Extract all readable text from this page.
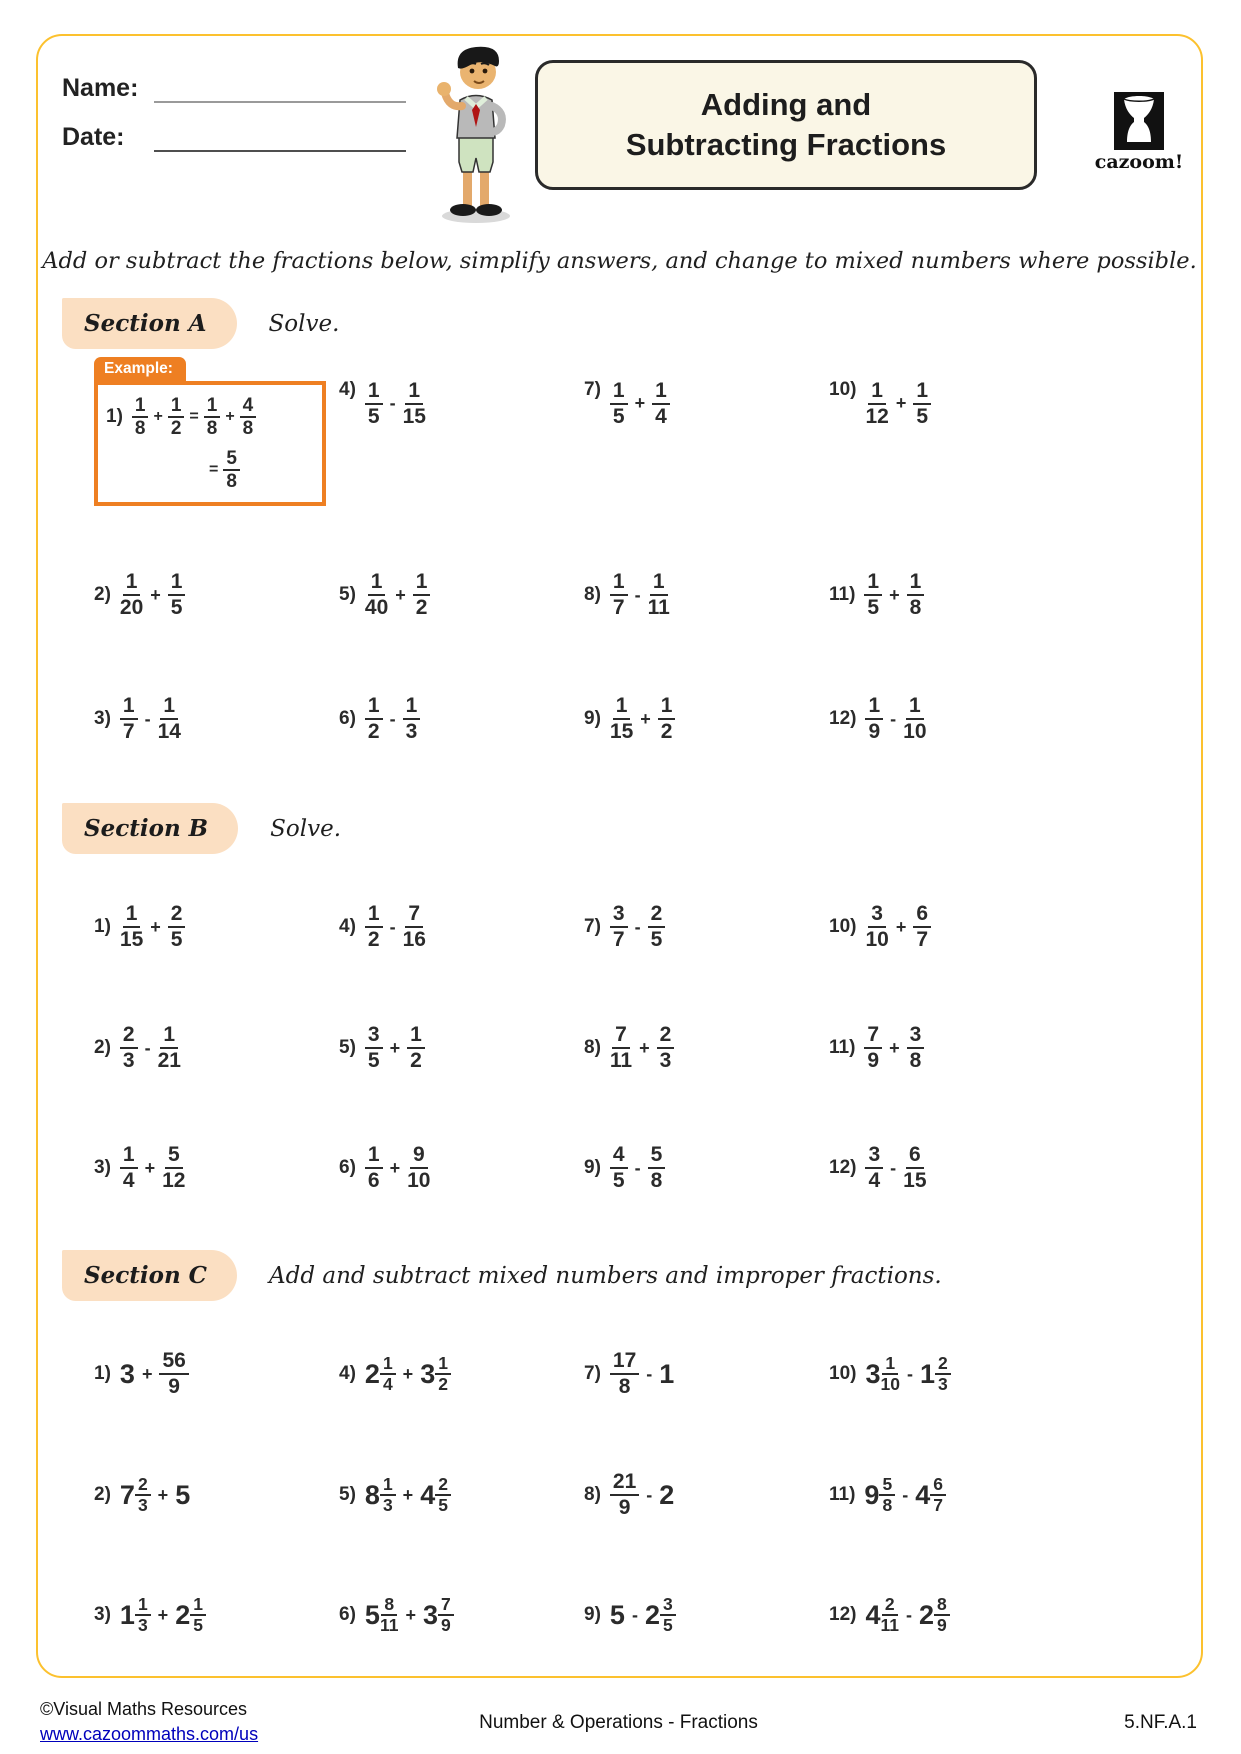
Name:
Date:
Adding and
Subtracting Fractions	cazoom!

Add or subtract the fractions below, simplify answers, and change to mixed numbers where possible.

Section A	Solve.
Example:
$1) \frac{1}{8} + \frac{1}{2} = \frac{1}{8} + \frac{4}{8}$
= $\frac{5}{8}$
$2) \frac{1}{20} + \frac{1}{5}$
$3) \frac{1}{7} - \frac{1}{14}$
$4) \frac{1}{5} - \frac{1}{15}$
$5) \frac{1}{40} + \frac{1}{2}$
$6) \frac{1}{2} - \frac{1}{3}$
$7) \frac{1}{5} + \frac{1}{4}$
$8) \frac{1}{7} - \frac{1}{11}$
$9) \frac{1}{15} + \frac{1}{2}$
$10) \frac{1}{12} + \frac{1}{5}$
$11) \frac{1}{5} + \frac{1}{8}$
$12) \frac{1}{9} - \frac{1}{10}$
Section B	Solve.
$1) \frac{1}{15} + \frac{2}{5}$
$2) \frac{2}{3} - \frac{1}{21}$
$3) \frac{1}{4} + \frac{5}{12}$
$4) \frac{1}{2} - \frac{7}{16}$
$5) \frac{3}{5} + \frac{1}{2}$
$6) \frac{1}{6} + \frac{9}{10}$
$7) \frac{3}{7} - \frac{2}{5}$
$8) \frac{7}{11} + \frac{2}{3}$
$9) \frac{4}{5} - \frac{5}{8}$
$10) \frac{3}{10} + \frac{6}{7}$
$11) \frac{7}{9} + \frac{3}{8}$
$12) \frac{3}{4} - \frac{6}{15}$
Section C	Add and subtract mixed numbers and improper fractions.
1) $3 + \frac{56}{9}$
2) $7 \frac{2}{3} + 5$
3) $1 \frac{1}{3} + 2 \frac{1}{5}$
4) $2 \frac{1}{4} + 3 \frac{1}{2}$
5) $8 \frac{1}{3} + 4 \frac{2}{5}$
6) $5 \frac{8}{11} + 3 \frac{7}{9}$
$7) \frac{17}{8} - 1$
$8) \frac{21}{9} - 2$
9) $5 - 2 \frac{3}{5}$
10) $3 \frac{1}{10} - 1 \frac{2}{3}$
11) $9 \frac{5}{8} - 4 \frac{6}{7}$
12) $4 \frac{2}{11} - 2 \frac{8}{9}$
©Visual Maths Resources
www.cazoommaths.com/us
Number & Operations - Fractions	5.NF.A.1
